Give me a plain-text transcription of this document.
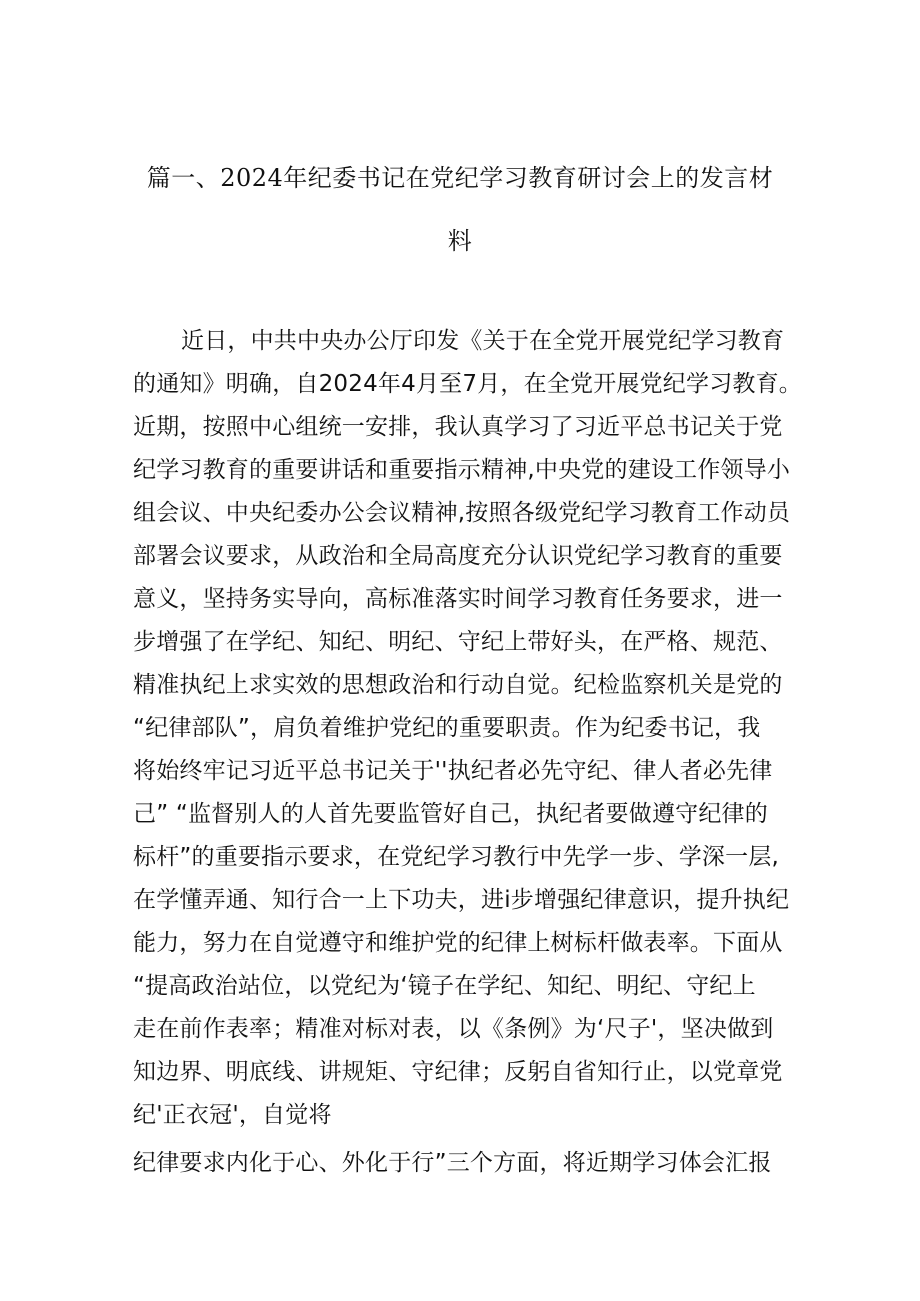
篇一、2024年纪委书记在党纪学习教育研讨会上的发言材
料
近日，中共中央办公厅印发《关于在全党开展党纪学习教育
的通知》明确，自2024年4月至7月，在全党开展党纪学习教育。
近期，按照中心组统一安排，我认真学习了习近平总书记关于党
纪学习教育的重要讲话和重要指示精神,中央党的建设工作领导小
组会议、中央纪委办公会议精神,按照各级党纪学习教育工作动员
部署会议要求，从政治和全局高度充分认识党纪学习教育的重要
意义，坚持务实导向，高标准落实时间学习教育任务要求，进一
步增强了在学纪、知纪、明纪、守纪上带好头，在严格、规范、
精准执纪上求实效的思想政治和行动自觉。纪检监察机关是党的
“纪律部队”，肩负着维护党纪的重要职责。作为纪委书记，我
将始终牢记习近平总书记关于''执纪者必先守纪、律人者必先律
己” “监督别人的人首先要监管好自己，执纪者要做遵守纪律的
标杆”的重要指示要求，在党纪学习教行中先学一步、学深一层,
在学懂弄通、知行合一上下功夫，进i步增强纪律意识，提升执纪
能力，努力在自觉遵守和维护党的纪律上树标杆做表率。下面从
“提高政治站位，以党纪为‘镜子在学纪、知纪、明纪、守纪上
走在前作表率；精准对标对表，以《条例》为‘尺子'，坚决做到
知边界、明底线、讲规矩、守纪律；反躬自省知行止，以党章党
纪'正衣冠'，自觉将
纪律要求内化于心、外化于行”三个方面，将近期学习体会汇报
